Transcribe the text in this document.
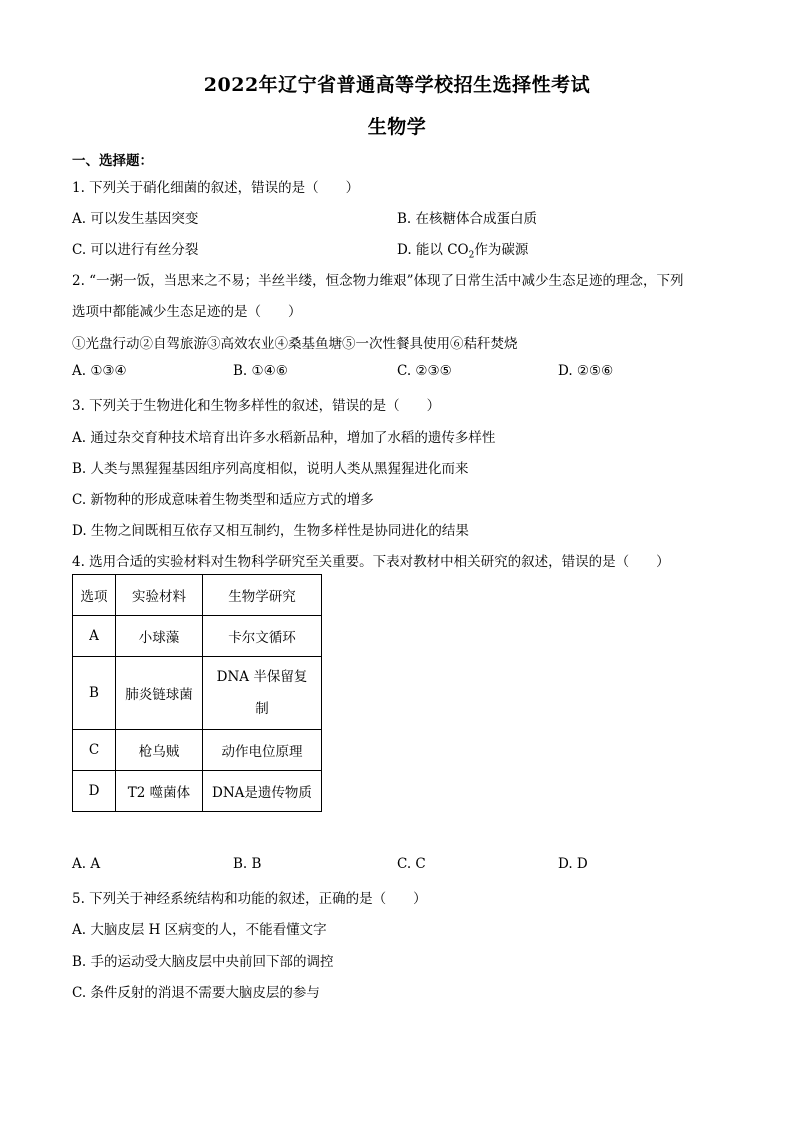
2022年辽宁省普通高等学校招生选择性考试
生物学
一、选择题：
1. 下列关于硝化细菌的叙述，错误的是（　　）
A. 可以发生基因突变	B. 在核糖体合成蛋白质
C. 可以进行有丝分裂	D. 能以 $CO_2$作为碳源
2. “一粥一饭，当思来之不易；半丝半缕，恒念物力维艰”体现了日常生活中减少生态足迹的理念，下列
选项中都能减少生态足迹的是（　　）
①光盘行动②自驾旅游③高效农业④桑基鱼塘⑤一次性餐具使用⑥秸秆焚烧
A. ①③④	B. ①④⑥	C. ②③⑤	D. ②⑤⑥
3. 下列关于生物进化和生物多样性的叙述，错误的是（　　）
A. 通过杂交育种技术培育出许多水稻新品种，增加了水稻的遗传多样性
B. 人类与黑猩猩基因组序列高度相似，说明人类从黑猩猩进化而来
C. 新物种的形成意味着生物类型和适应方式的增多
D. 生物之间既相互依存又相互制约，生物多样性是协同进化的结果
4. 选用合适的实验材料对生物科学研究至关重要。下表对教材中相关研究的叙述，错误的是（　　）
选项	实验材料	生物学研究
A	小球藻	卡尔文循环
B	肺炎链球菌	DNA 半保留复
制
C	枪乌贼	动作电位原理
D	T2 噬菌体	DNA是遗传物质
A. A	B. B	C. C	D. D
5. 下列关于神经系统结构和功能的叙述，正确的是（　　）
A. 大脑皮层 H 区病变的人，不能看懂文字
B. 手的运动受大脑皮层中央前回下部的调控
C. 条件反射的消退不需要大脑皮层的参与
